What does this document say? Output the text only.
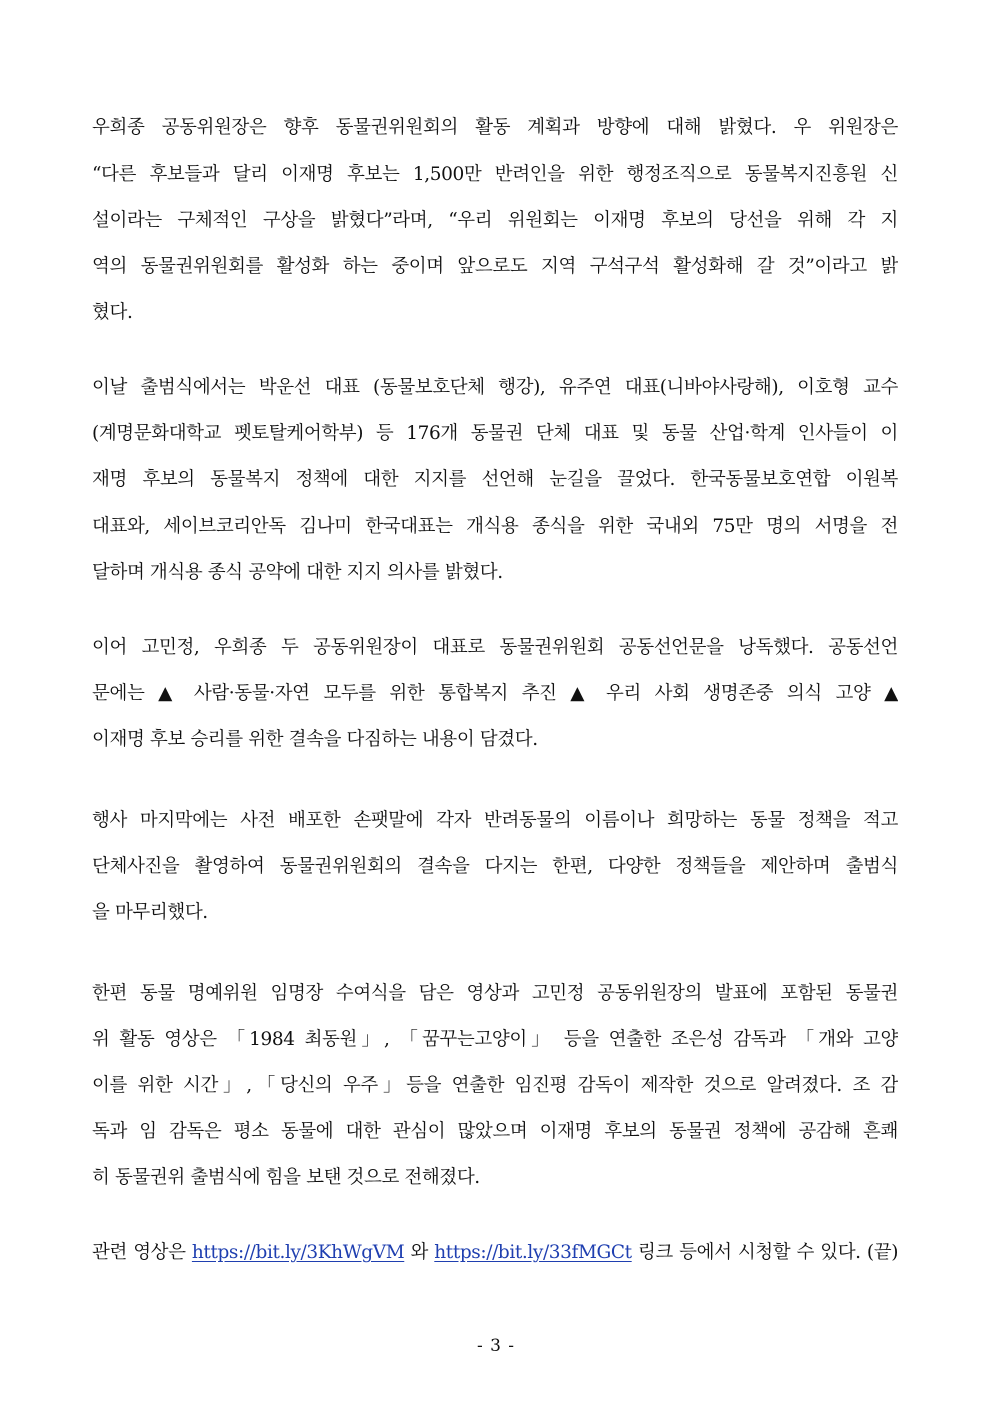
우희종 공동위원장은 향후 동물권위원회의 활동 계획과 방향에 대해 밝혔다. 우 위원장은
“다른 후보들과 달리 이재명 후보는 1,500만 반려인을 위한 행정조직으로 동물복지진흥원 신
설이라는 구체적인 구상을 밝혔다”라며, “우리 위원회는 이재명 후보의 당선을 위해 각 지
역의 동물권위원회를 활성화 하는 중이며 앞으로도 지역 구석구석 활성화해 갈 것”이라고 밝
혔다.
이날 출범식에서는 박운선 대표 (동물보호단체 행강), 유주연 대표(니바야사랑해), 이호형 교수
(계명문화대학교 펫토탈케어학부) 등 176개 동물권 단체 대표 및 동물 산업·학계 인사들이 이
재명 후보의 동물복지 정책에 대한 지지를 선언해 눈길을 끌었다. 한국동물보호연합 이원복
대표와, 세이브코리안독 김나미 한국대표는 개식용 종식을 위한 국내외 75만 명의 서명을 전
달하며 개식용 종식 공약에 대한 지지 의사를 밝혔다.
이어 고민정, 우희종 두 공동위원장이 대표로 동물권위원회 공동선언문을 낭독했다. 공동선언
문에는 ▲ 사람·동물·자연 모두를 위한 통합복지 추진 ▲ 우리 사회 생명존중 의식 고양 ▲
이재명 후보 승리를 위한 결속을 다짐하는 내용이 담겼다.
행사 마지막에는 사전 배포한 손팻말에 각자 반려동물의 이름이나 희망하는 동물 정책을 적고
단체사진을 촬영하여 동물권위원회의 결속을 다지는 한편, 다양한 정책들을 제안하며 출범식
을 마무리했다.
한편 동물 명예위원 임명장 수여식을 담은 영상과 고민정 공동위원장의 발표에 포함된 동물권
위 활동 영상은 「1984 최동원」, 「꿈꾸는고양이」 등을 연출한 조은성 감독과 「개와 고양
이를 위한 시간」,「당신의 우주」등을 연출한 임진평 감독이 제작한 것으로 알려졌다. 조 감
독과 임 감독은 평소 동물에 대한 관심이 많았으며 이재명 후보의 동물권 정책에 공감해 흔쾌
히 동물권위 출범식에 힘을 보탠 것으로 전해졌다.
관련 영상은 https://bit.ly/3KhWgVM 와 https://bit.ly/33fMGCt 링크 등에서 시청할 수 있다. (끝)
- 3 -
